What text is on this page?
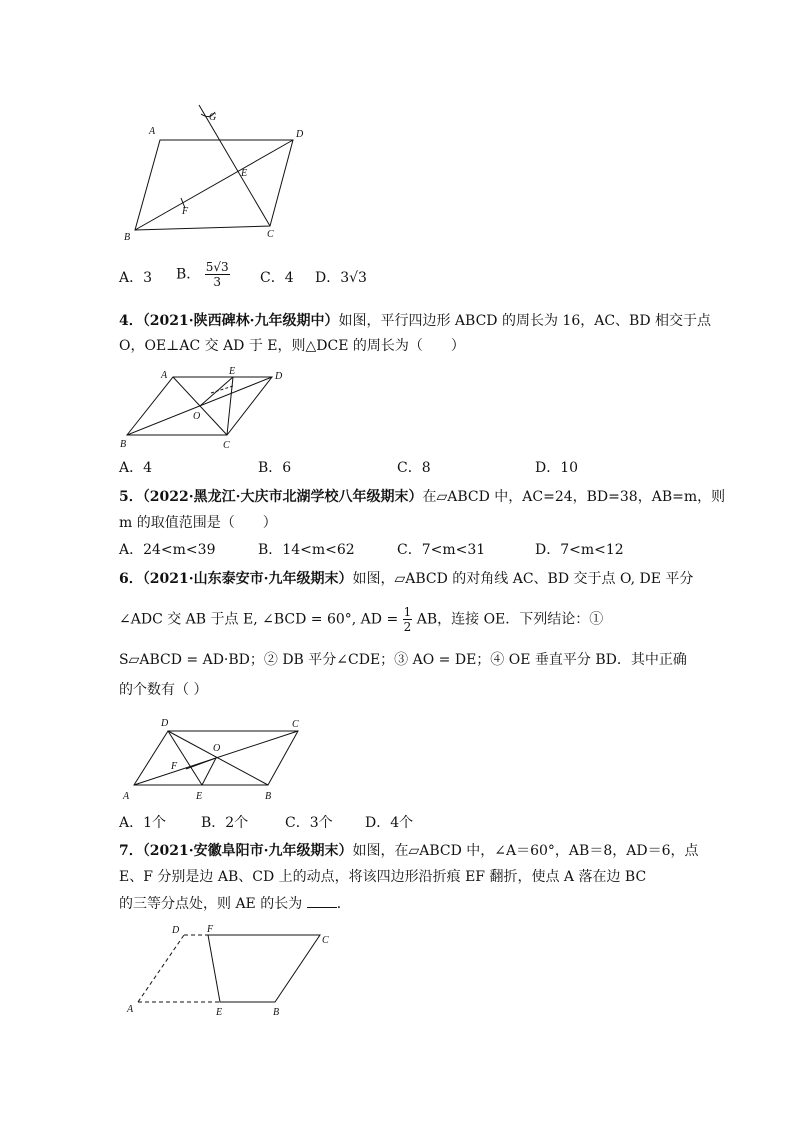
A	D
B	C
E
F
G
A．3 B． $\frac{5√3}{3}$ C．4 D．3√3
4．（2021·陕西碑林·九年级期中）如图，平行四边形 ABCD 的周长为 16，AC、BD 相交于点
O，OE⊥AC 交 AD 于 E，则△DCE 的周长为（　　）
A	E	D
O
B	C
A．4	B．6	C．8	D．10
5．（2022·黑龙江·大庆市北湖学校八年级期末）在▱ABCD 中，AC=24，BD=38，AB=m，则
m 的取值范围是（　　）
A．24<m<39	B．14<m<62	C．7<m<31	D．7<m<12
6．（2021·山东泰安市·九年级期末）如图，▱ABCD 的对角线 AC、BD 交于点 O, DE 平分
∠ADC 交 AB 于点 E, ∠BCD = 60°, AD = $\frac{1}{2}$ AB，连接 OE．下列结论：①
S▱ABCD = AD·BD；② DB 平分∠CDE；③ AO = DE；④ OE 垂直平分 BD．其中正确
的个数有（ ）
D	C
O
F
A	E	B
A．1个 B．2个	C．3个 D．4个
7．（2021·安徽阜阳市·九年级期末）如图，在▱ABCD 中，∠A＝60°，AB＝8，AD＝6，点
E、F 分别是边 AB、CD 上的动点，将该四边形沿折痕 EF 翻折，使点 A 落在边 BC
的三等分点处，则 AE 的长为 ．
D	F
C
A	E	B
